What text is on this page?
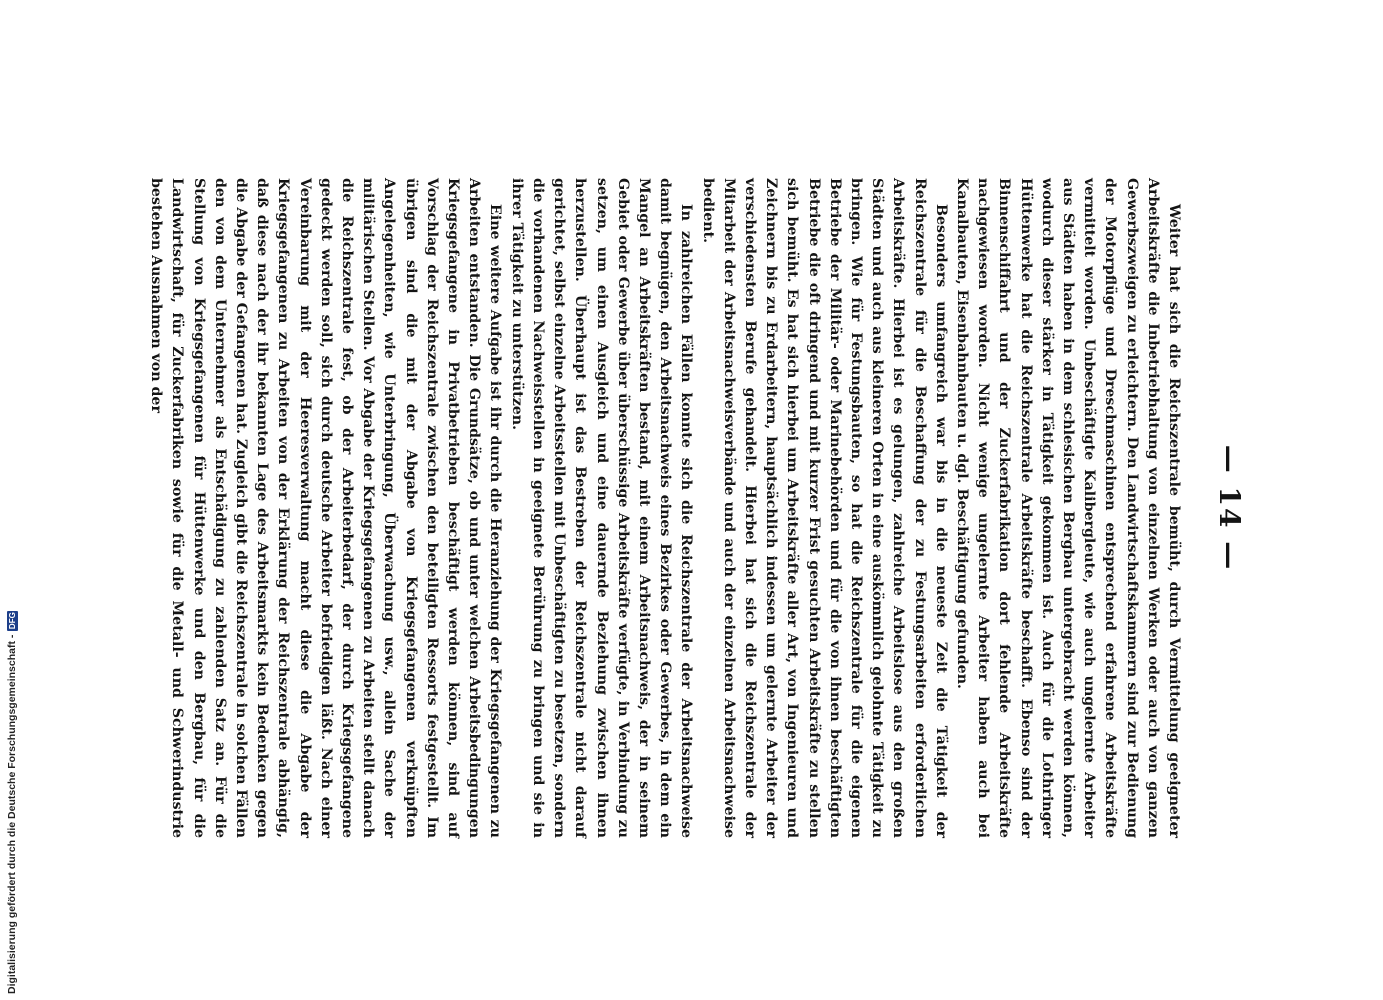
— 14 —

Weiter hat sich die Reichszentrale bemüht, durch Vermittelung geeigneter Arbeitskräfte die Inbetriebhaltung von einzelnen Werken oder auch von ganzen Gewerbszweigen zu erleichtern. Den Landwirtschaftskammern sind zur Bedienung der Motorpflüge und Dreschmaschinen entsprechend erfahrene Arbeitskräfte vermittelt worden. Unbeschäftigte Kalibergleute, wie auch ungelernte Arbeiter aus Städten haben in dem schlesischen Bergbau untergebracht werden können, wodurch dieser stärker in Tätigkeit gekommen ist. Auch für die Lothringer Hüttenwerke hat die Reichszentrale Arbeitskräfte beschafft. Ebenso sind der Binnenschiffahrt und der Zuckerfabrikation dort fehlende Arbeitskräfte nachgewiesen worden. Nicht wenige ungelernte Arbeiter haben auch bei Kanalbauten, Eisenbahnbauten u. dgl. Beschäftigung gefunden.

Besonders umfangreich war bis in die neueste Zeit die Tätigkeit der Reichszentrale für die Beschaffung der zu Festungsarbeiten erforderlichen Arbeitskräfte. Hierbei ist es gelungen, zahlreiche Arbeitslose aus den großen Städten und auch aus kleineren Orten in eine auskömmlich gelohnte Tätigkeit zu bringen. Wie für Festungsbauten, so hat die Reichszentrale für die eigenen Betriebe der Militär- oder Marinebehörden und für die von ihnen beschäftigten Betriebe die oft dringend und mit kurzer Frist gesuchten Arbeitskräfte zu stellen sich bemüht. Es hat sich hierbei um Arbeitskräfte aller Art, von Ingenieuren und Zeichnern bis zu Erdarbeitern, hauptsächlich indessen um gelernte Arbeiter der verschiedensten Berufe gehandelt. Hierbei hat sich die Reichszentrale der Mitarbeit der Arbeitsnachweisverbände und auch der einzelnen Arbeitsnachweise bedient.

In zahlreichen Fällen konnte sich die Reichszentrale der Arbeitsnachweise damit begnügen, den Arbeitsnachweis eines Bezirkes oder Gewerbes, in dem ein Mangel an Arbeitskräften bestand, mit einem Arbeitsnachweis, der in seinem Gebiet oder Gewerbe über überschüssige Arbeitskräfte verfügte, in Verbindung zu setzen, um einen Ausgleich und eine dauernde Beziehung zwischen ihnen herzustellen. Überhaupt ist das Bestreben der Reichszentrale nicht darauf gerichtet, selbst einzelne Arbeitsstellen mit Unbeschäftigten zu besetzen, sondern die vorhandenen Nachweisstellen in geeignete Berührung zu bringen und sie in ihrer Tätigkeit zu unterstützen.

Eine weitere Aufgabe ist ihr durch die Heranziehung der Kriegsgefangenen zu Arbeiten entstanden. Die Grundsätze, ob und unter welchen Arbeitsbedingungen Kriegsgefangene in Privatbetrieben beschäftigt werden können, sind auf Vorschlag der Reichszentrale zwischen den beteiligten Ressorts festgestellt. Im übrigen sind die mit der Abgabe von Kriegsgefangenen verknüpften Angelegenheiten, wie Unterbringung, Überwachung usw., allein Sache der militärischen Stellen. Vor Abgabe der Kriegsgefangenen zu Arbeiten stellt danach die Reichszentrale fest, ob der Arbeiterbedarf, der durch Kriegsgefangene gedeckt werden soll, sich durch deutsche Arbeiter befriedigen läßt. Nach einer Vereinbarung mit der Heeresverwaltung macht diese die Abgabe der Kriegsgefangenen zu Arbeiten von der Erklärung der Reichszentrale abhängig, daß diese nach der ihr bekannten Lage des Arbeitsmarkts kein Bedenken gegen die Abgabe der Gefangenen hat. Zugleich gibt die Reichszentrale in solchen Fällen den von dem Unternehmer als Entschädigung zu zahlenden Satz an. Für die Stellung von Kriegsgefangenen für Hüttenwerke und den Bergbau, für die Landwirtschaft, für Zuckerfabriken sowie für die Metall- und Schwerindustrie bestehen Ausnahmen von der

Digitalisierung gefördert durch die Deutsche Forschungsgemeinschaft -
DFG
